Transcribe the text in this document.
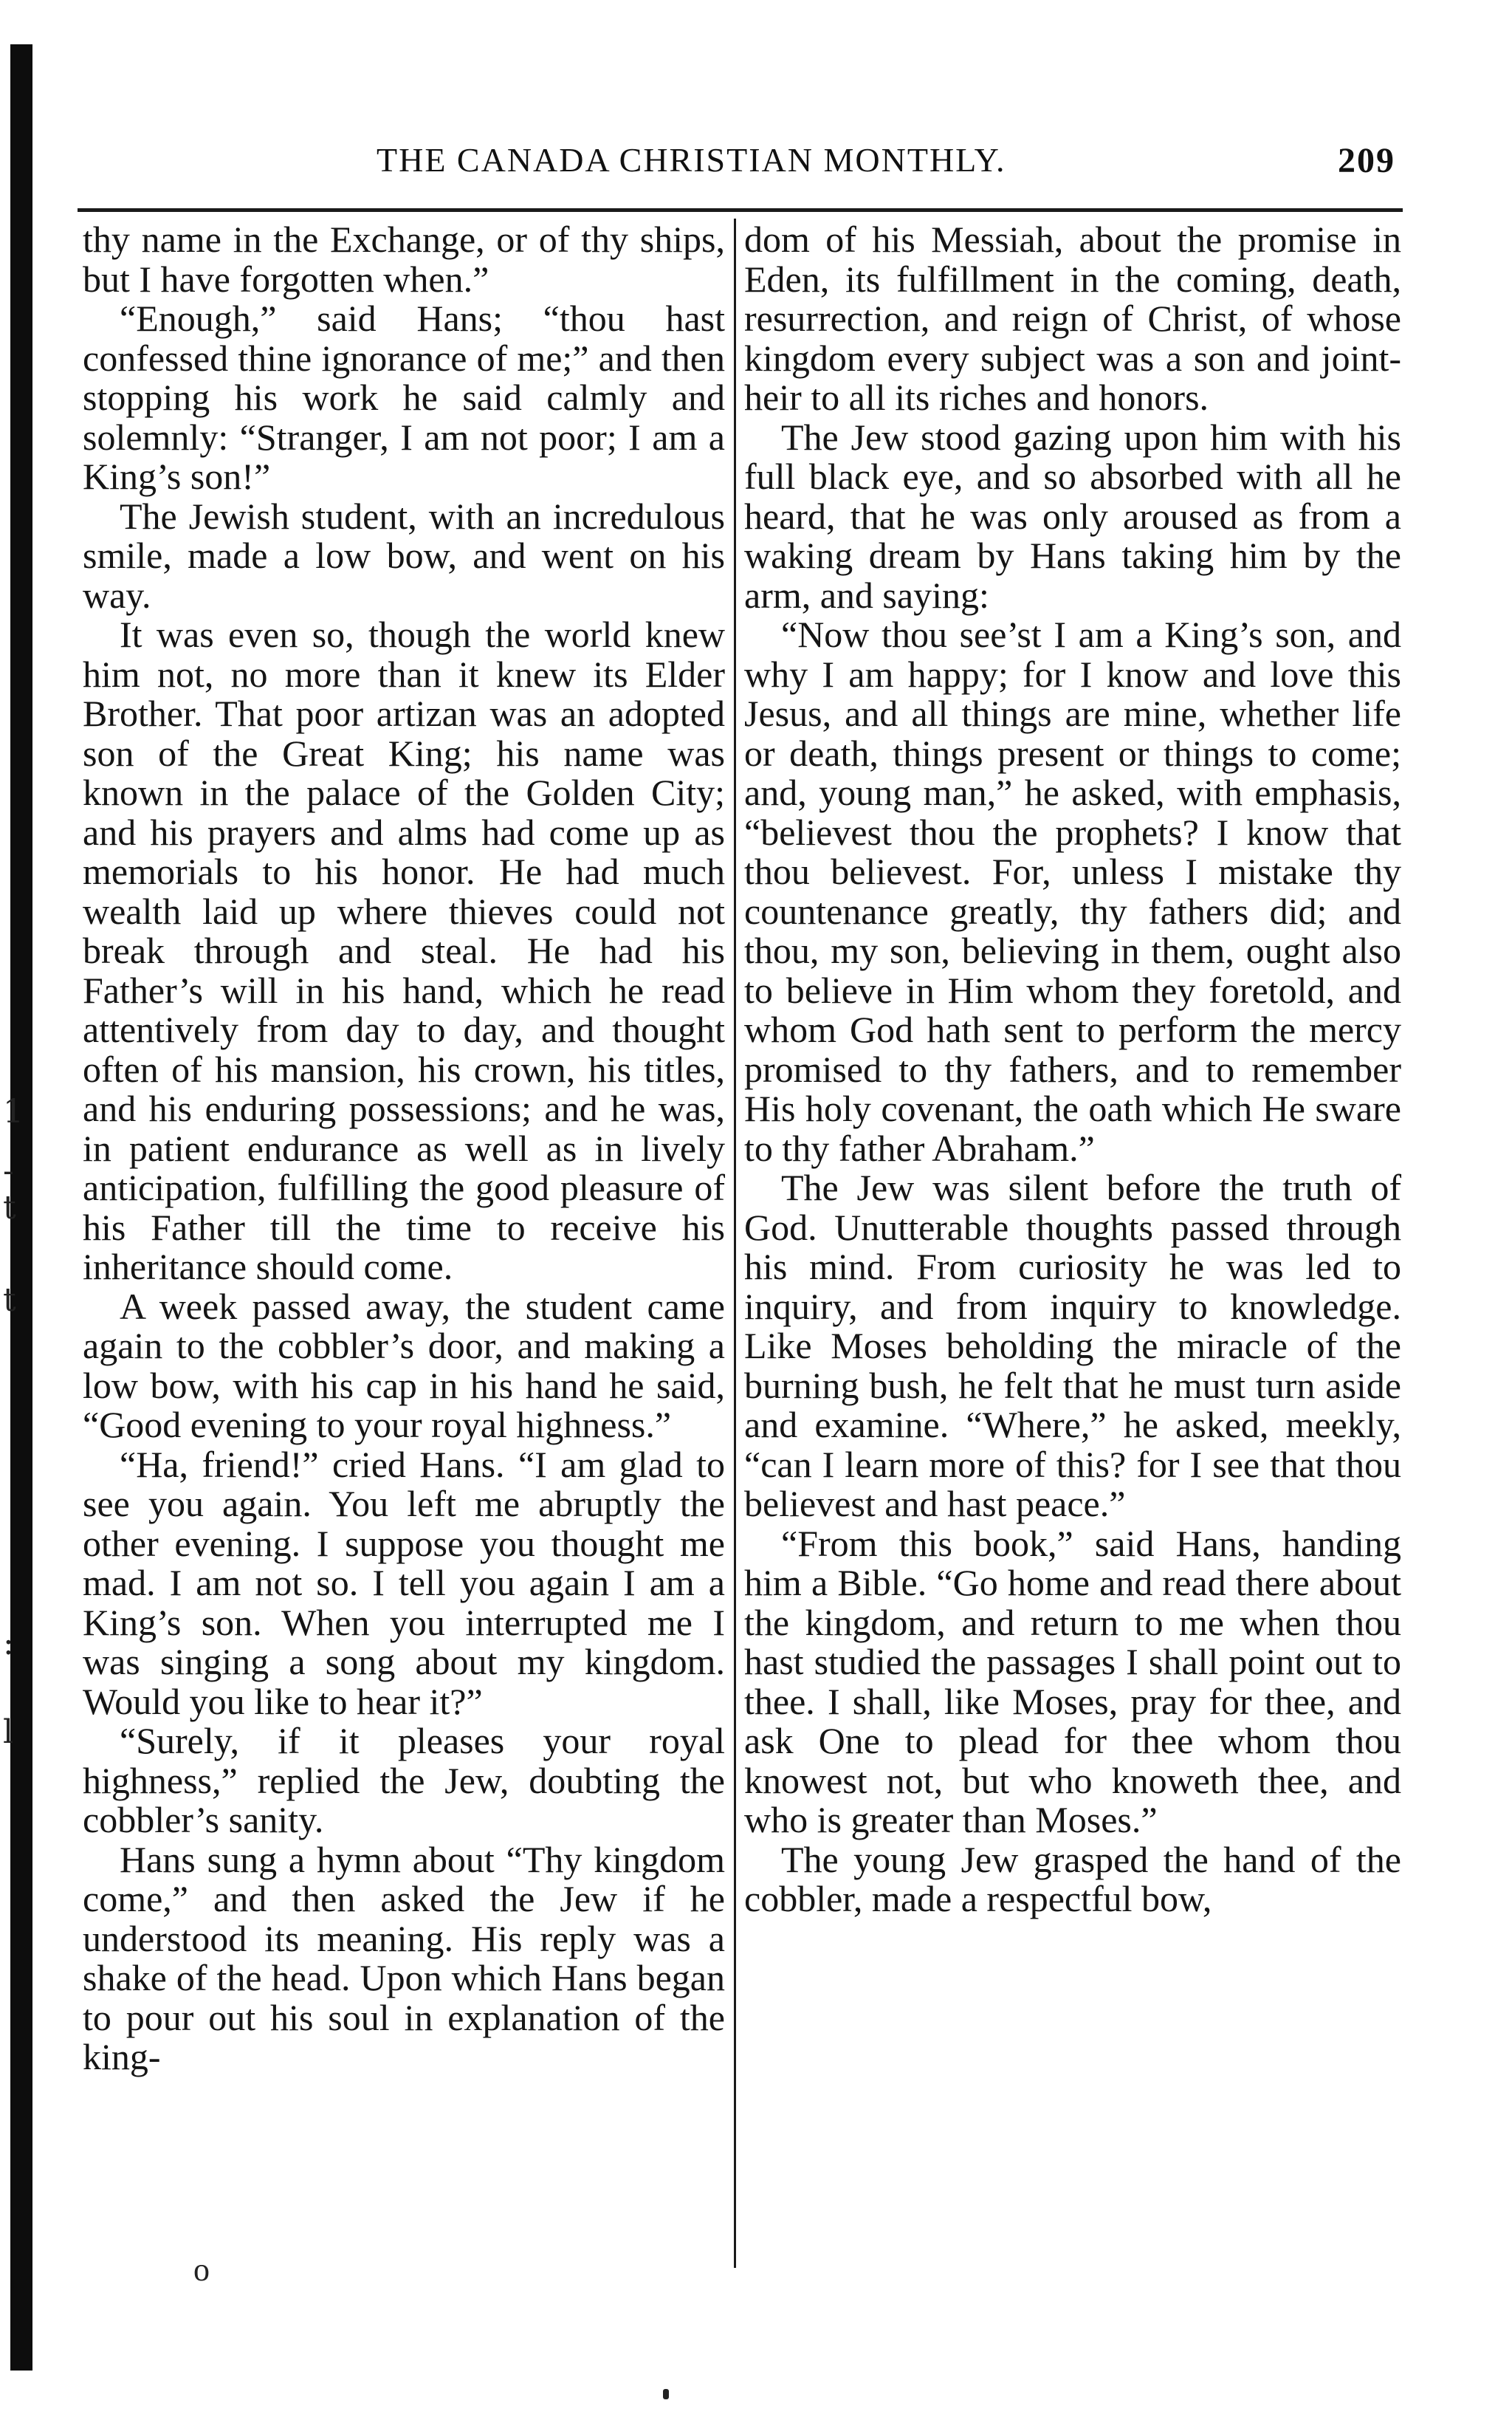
1
-
t
t
:
l
THE CANADA CHRISTIAN MONTHLY.	209

thy name in the Exchange, or of thy ships, but I have forgotten when.”

“Enough,” said Hans; “thou hast confessed thine ignorance of me;” and then stopping his work he said calmly and solemnly: “Stranger, I am not poor; I am a King’s son!”

The Jewish student, with an incredulous smile, made a low bow, and went on his way.

It was even so, though the world knew him not, no more than it knew its Elder Brother. That poor artizan was an adopted son of the Great King; his name was known in the palace of the Golden City; and his prayers and alms had come up as memorials to his honor. He had much wealth laid up where thieves could not break through and steal. He had his Father’s will in his hand, which he read attentively from day to day, and thought often of his mansion, his crown, his titles, and his enduring possessions; and he was, in patient endurance as well as in lively anticipation, fulfilling the good pleasure of his Father till the time to receive his inheritance should come.

A week passed away, the student came again to the cobbler’s door, and making a low bow, with his cap in his hand he said, “Good evening to your royal highness.”

“Ha, friend!” cried Hans. “I am glad to see you again. You left me abruptly the other evening. I suppose you thought me mad. I am not so. I tell you again I am a King’s son. When you interrupted me I was singing a song about my kingdom. Would you like to hear it?”

“Surely, if it pleases your royal highness,” replied the Jew, doubting the cobbler’s sanity.

Hans sung a hymn about “Thy kingdom come,” and then asked the Jew if he understood its meaning. His reply was a shake of the head. Upon which Hans began to pour out his soul in explanation of the king-

dom of his Messiah, about the promise in Eden, its fulfillment in the coming, death, resurrection, and reign of Christ, of whose kingdom every subject was a son and joint-heir to all its riches and honors.

The Jew stood gazing upon him with his full black eye, and so absorbed with all he heard, that he was only aroused as from a waking dream by Hans taking him by the arm, and saying:

“Now thou see’st I am a King’s son, and why I am happy; for I know and love this Jesus, and all things are mine, whether life or death, things present or things to come; and, young man,” he asked, with emphasis, “believest thou the prophets? I know that thou believest. For, unless I mistake thy countenance greatly, thy fathers did; and thou, my son, believing in them, ought also to believe in Him whom they foretold, and whom God hath sent to perform the mercy promised to thy fathers, and to remember His holy covenant, the oath which He sware to thy father Abraham.”

The Jew was silent before the truth of God. Unutterable thoughts passed through his mind. From curiosity he was led to inquiry, and from inquiry to knowledge. Like Moses beholding the miracle of the burning bush, he felt that he must turn aside and examine. “Where,” he asked, meekly, “can I learn more of this? for I see that thou believest and hast peace.”

“From this book,” said Hans, handing him a Bible. “Go home and read there about the kingdom, and return to me when thou hast studied the passages I shall point out to thee. I shall, like Moses, pray for thee, and ask One to plead for thee whom thou knowest not, but who knoweth thee, and who is greater than Moses.”

The young Jew grasped the hand of the cobbler, made a respectful bow,

o
